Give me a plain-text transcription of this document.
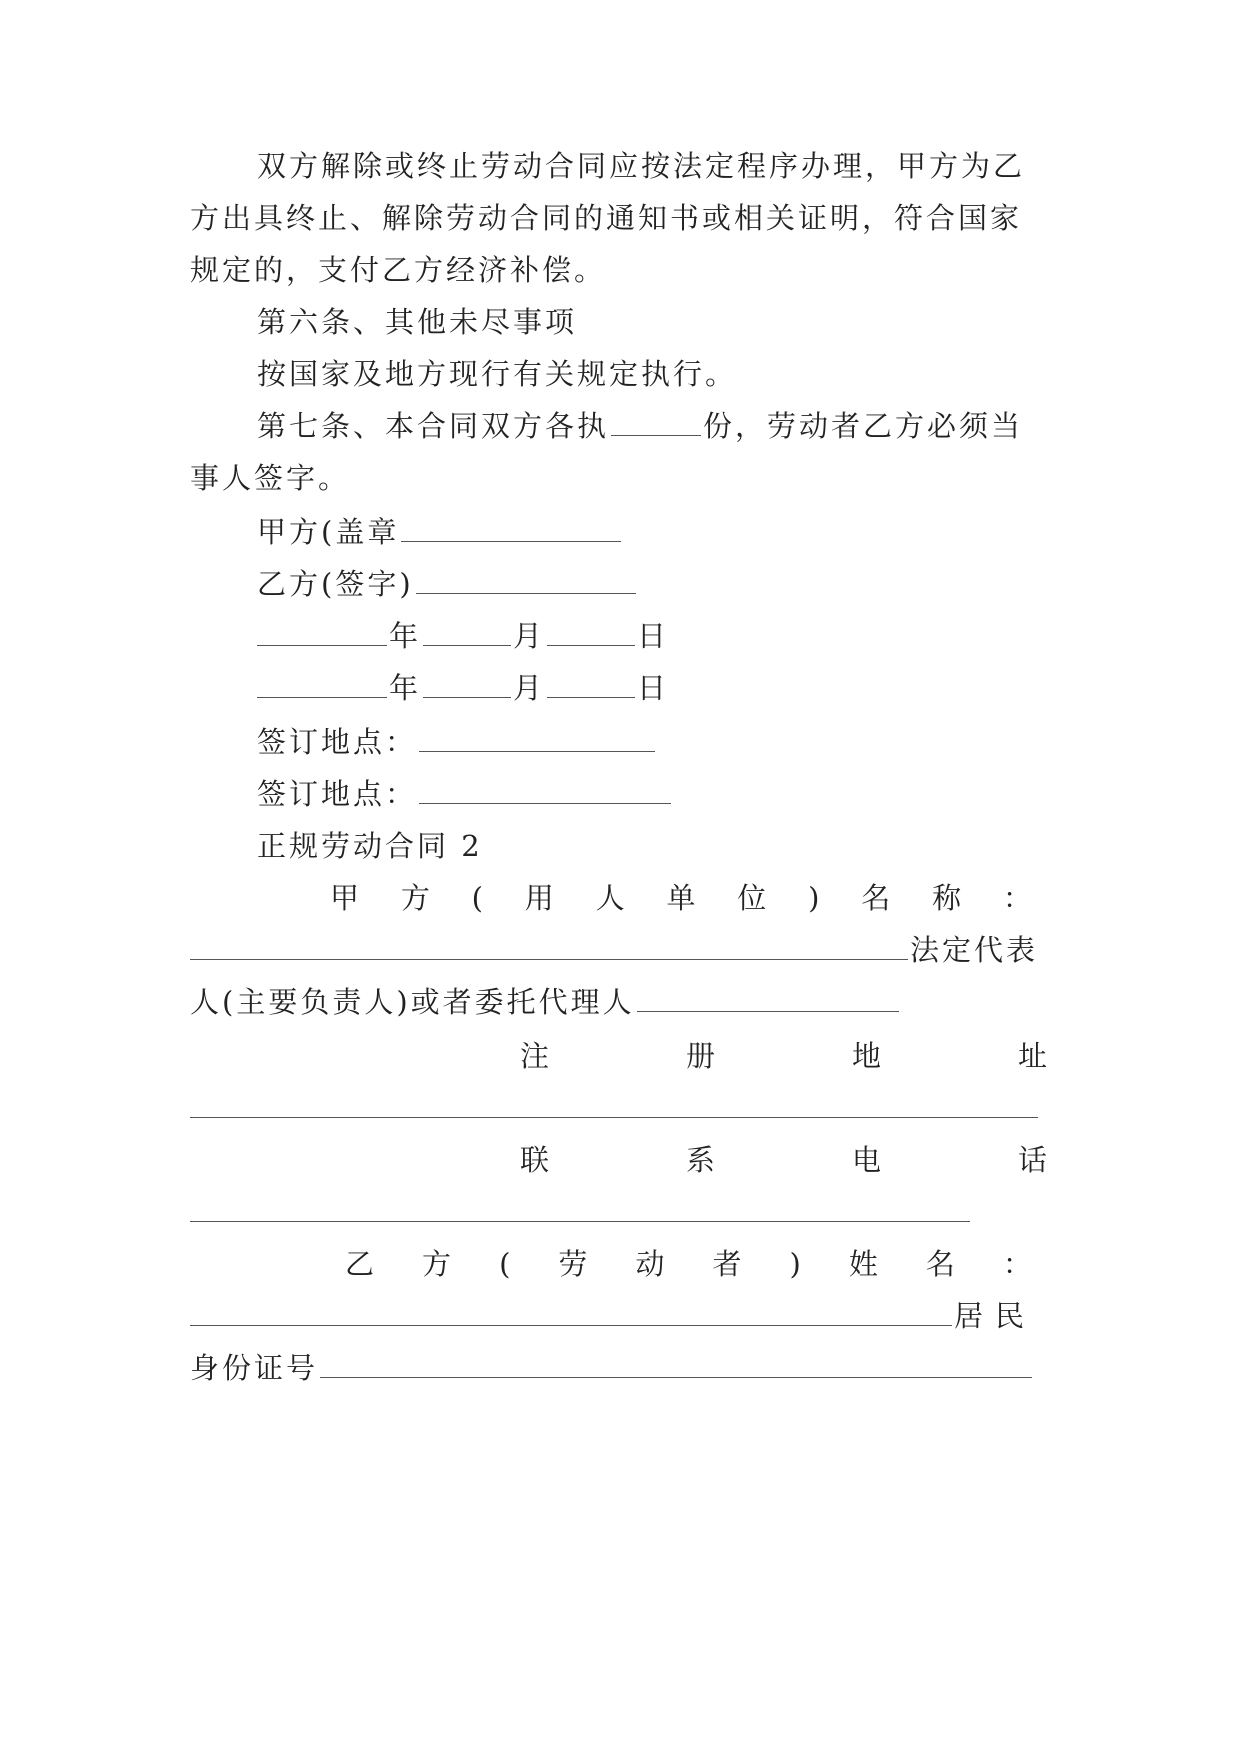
双方解除或终止劳动合同应按法定程序办理，甲方为乙
方出具终止、解除劳动合同的通知书或相关证明，符合国家
规定的，支付乙方经济补偿。
第六条、其他未尽事项
按国家及地方现行有关规定执行。
第七条、本合同双方各执	份，劳动者乙方必须当
事人签字。
甲方(盖章
乙方(签字)
年	月	日
年	月	日
签订地点：
签订地点：
正规劳动合同 2
甲 方 ( 用 人 单 位 ) 名 称 ：
法定代表
人(主要负责人)或者委托代理人
注	册	地	址
联	系	电	话
乙 方 ( 劳 动 者 ) 姓 名 ：
居民
身份证号
